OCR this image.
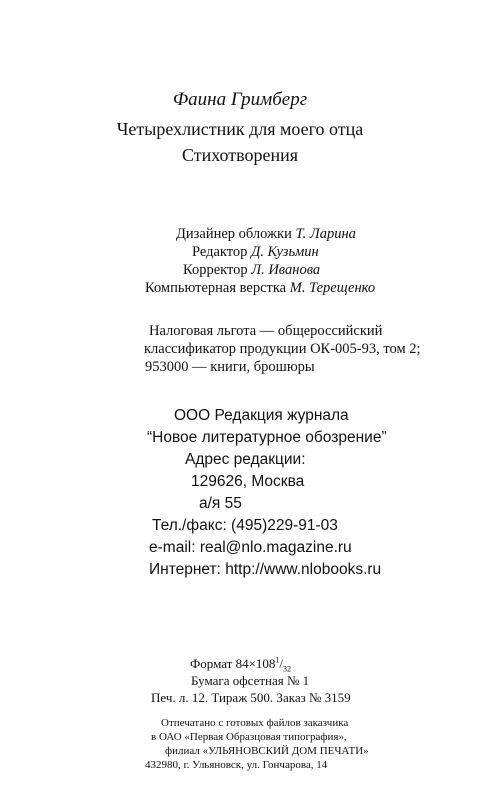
Фаина Гримберг
Четырехлистник для моего отца
Стихотворения
Дизайнер обложки Т. Ларина
Редактор Д. Кузьмин
Корректор Л. Иванова
Компьютерная верстка М. Терещенко
Налоговая льгота — общероссийский
классификатор продукции ОК-005-93, том 2;
953000 — книги, брошюры
ООО Редакция журнала
“Новое литературное обозрение”
Адрес редакции:
129626, Москва
а/я 55
Тел./факс: (495)229-91-03
e-mail: real@nlo.magazine.ru
Интернет: http://www.nlobooks.ru
Формат $84\times 108^1/_{32}$
Бумага офсетная № 1
Печ. л. 12. Тираж 500. Заказ № 3159
Отпечатано с готовых файлов заказчика
в ОАО «Первая Образцовая типография»,
филиал «УЛЬЯНОВСКИЙ ДОМ ПЕЧАТИ»
432980, г. Ульяновск, ул. Гончарова, 14
